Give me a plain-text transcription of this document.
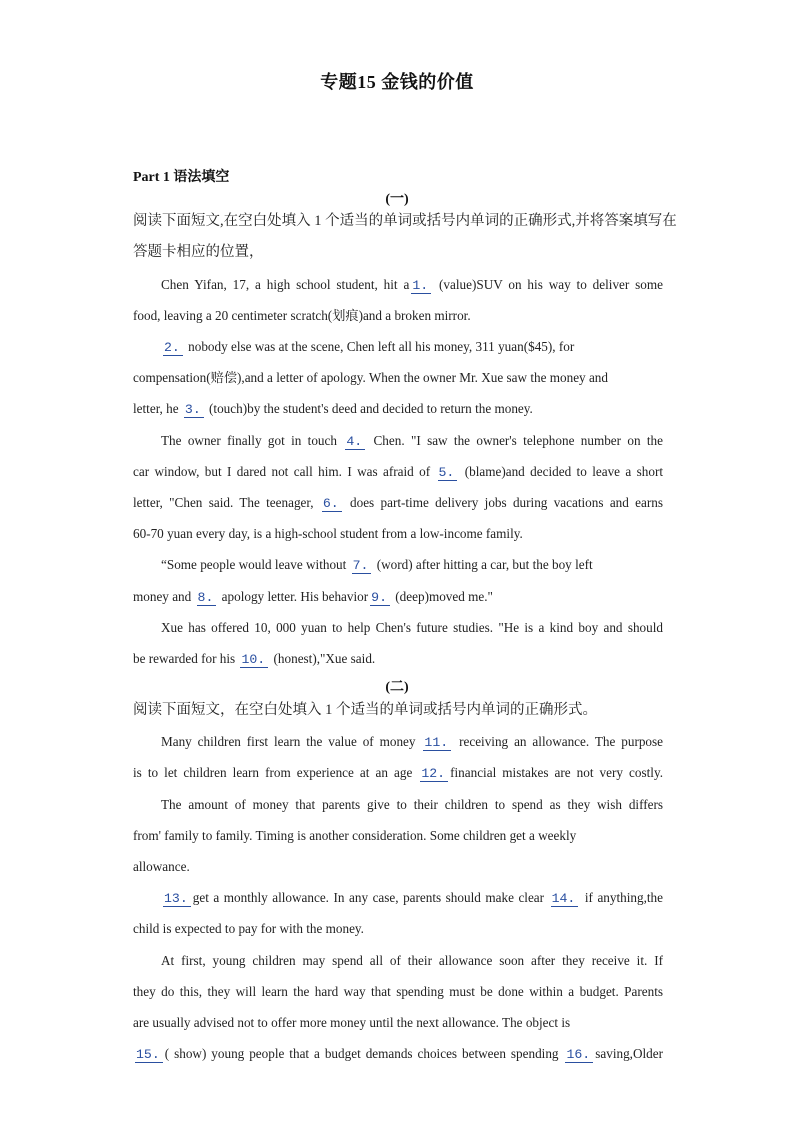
专题15 金钱的价值
Part 1 语法填空
(一)
阅读下面短文,在空白处填入 1 个适当的单词或括号内单词的正确形式,并将答案填写在
答题卡相应的位置，
Chen Yifan, 17, a high school student, hit a 1. (value)SUV on his way to deliver some
food, leaving a 20 centimeter scratch(划痕)and a broken mirror.
2. nobody else was at the scene, Chen left all his money, 311 yuan($45), for
compensation(赔偿),and a letter of apology. When the owner Mr. Xue saw the money and
letter, he 3. (touch)by the student's deed and decided to return the money.
The owner finally got in touch 4. Chen. "I saw the owner's telephone number on the
car window, but I dared not call him. I was afraid of 5. (blame)and decided to leave a short
letter, "Chen said. The teenager, 6. does part-time delivery jobs during vacations and earns
60-70 yuan every day, is a high-school student from a low-income family.
“Some people would leave without 7. (word) after hitting a car, but the boy left
money and 8. apology letter. His behavior 9. (deep)moved me."
Xue has offered 10, 000 yuan to help Chen's future studies. "He is a kind boy and should
be rewarded for his 10. (honest),"Xue said.
(二)
阅读下面短文，在空白处填入 1 个适当的单词或括号内单词的正确形式。
Many children first learn the value of money 11. receiving an allowance. The purpose
is to let children learn from experience at an age 12. financial mistakes are not very costly.
The amount of money that parents give to their children to spend as they wish differs
from' family to family. Timing is another consideration. Some children get a weekly
allowance.
13. get a monthly allowance. In any case, parents should make clear 14. if anything,the
child is expected to pay for with the money.
At first, young children may spend all of their allowance soon after they receive it. If
they do this, they will learn the hard way that spending must be done within a budget. Parents
are usually advised not to offer more money until the next allowance. The object is
15. ( show) young people that a budget demands choices between spending 16. saving,Older
